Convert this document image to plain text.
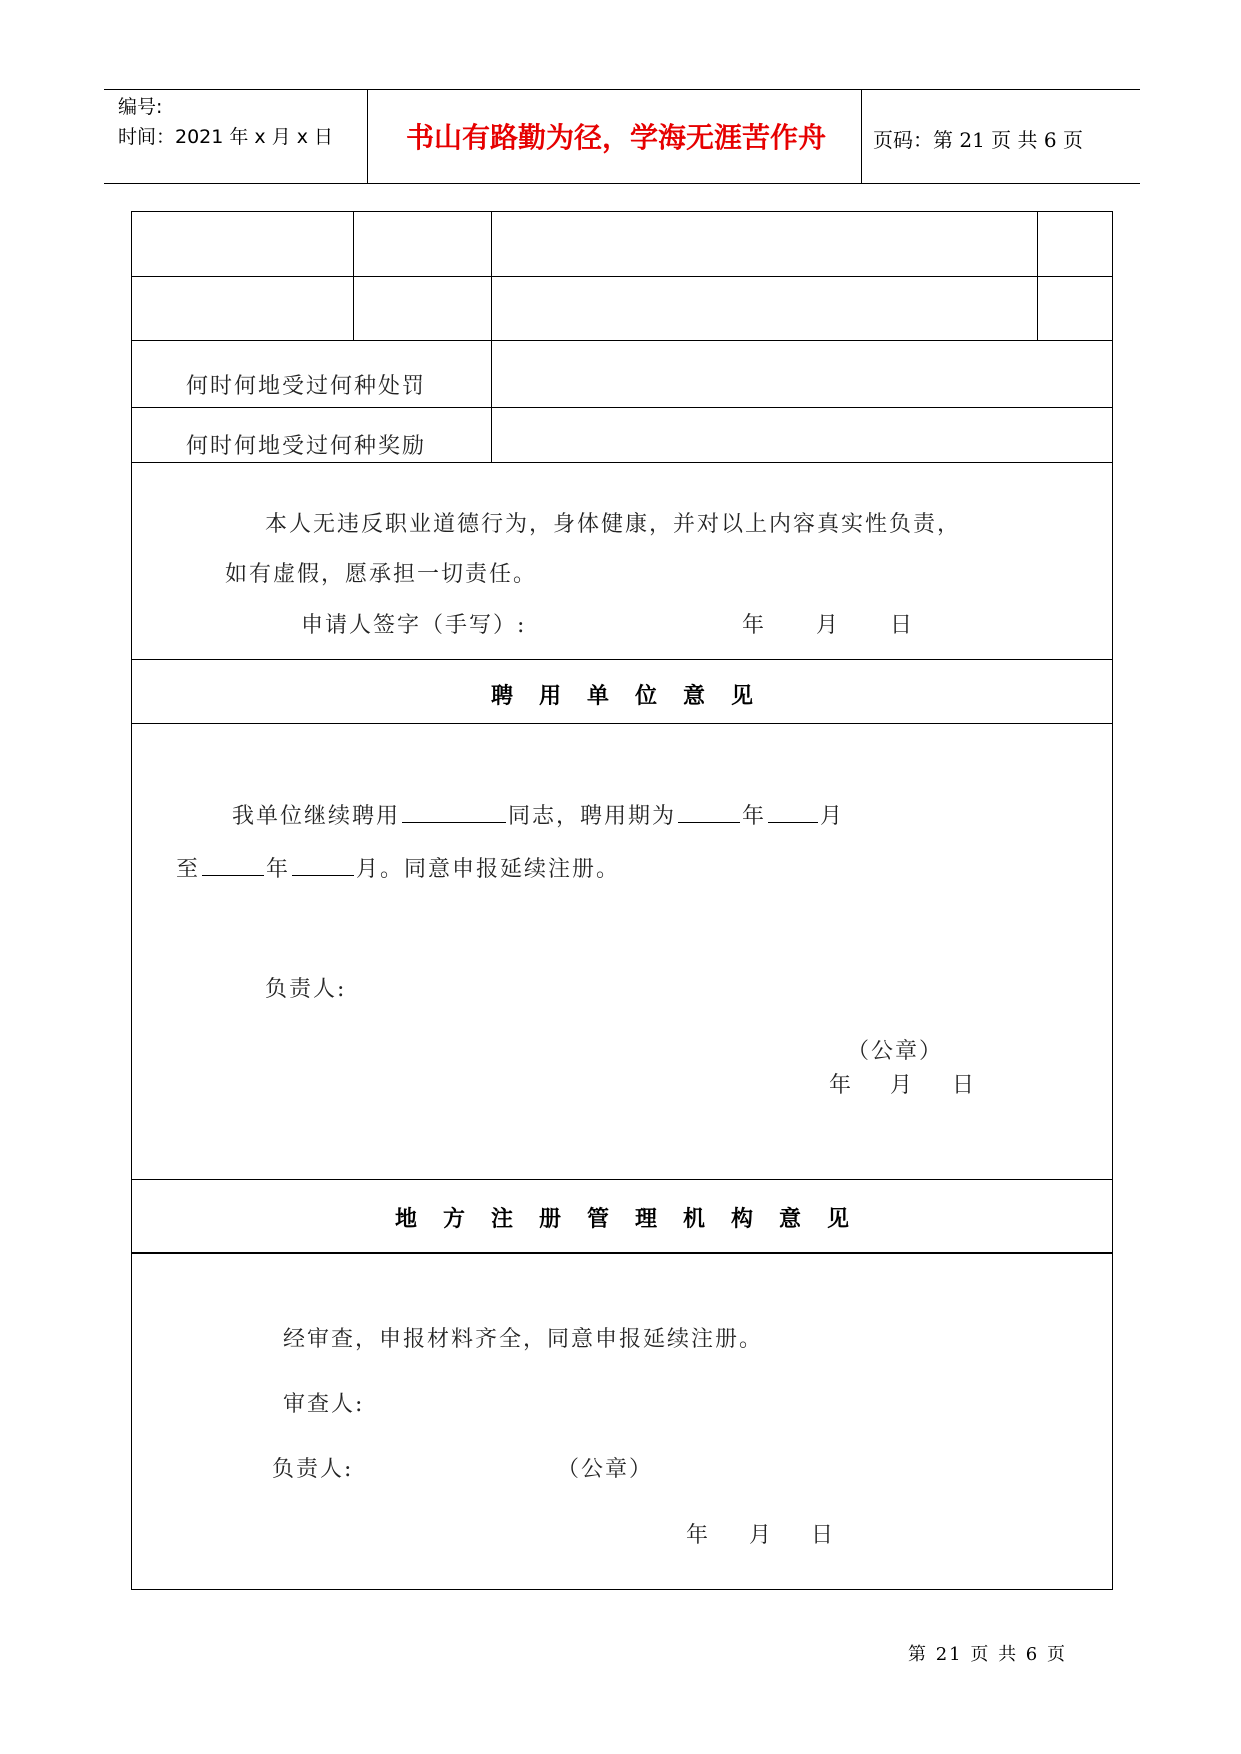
编号:
时间：2021 年 x 月 x 日	书山有路勤为径，学海无涯苦作舟	页码：第 21 页 共 6 页
何时何地受过何种处罚
何时何地受过何种奖励
本人无违反职业道德行为，身体健康，并对以上内容真实性负责，
如有虚假，愿承担一切责任。
申请人签字（手写）:	年 月 日
聘用单位意见
我单位继续聘用	同志，聘用期为	年 月
至	年	月。同意申报延续注册。
负责人:
（公章）
年 月 日
地方注册管理机构意见
经审查，申报材料齐全，同意申报延续注册。
审查人:
负责人:	（公章）
年 月 日
第 21 页 共 6 页
